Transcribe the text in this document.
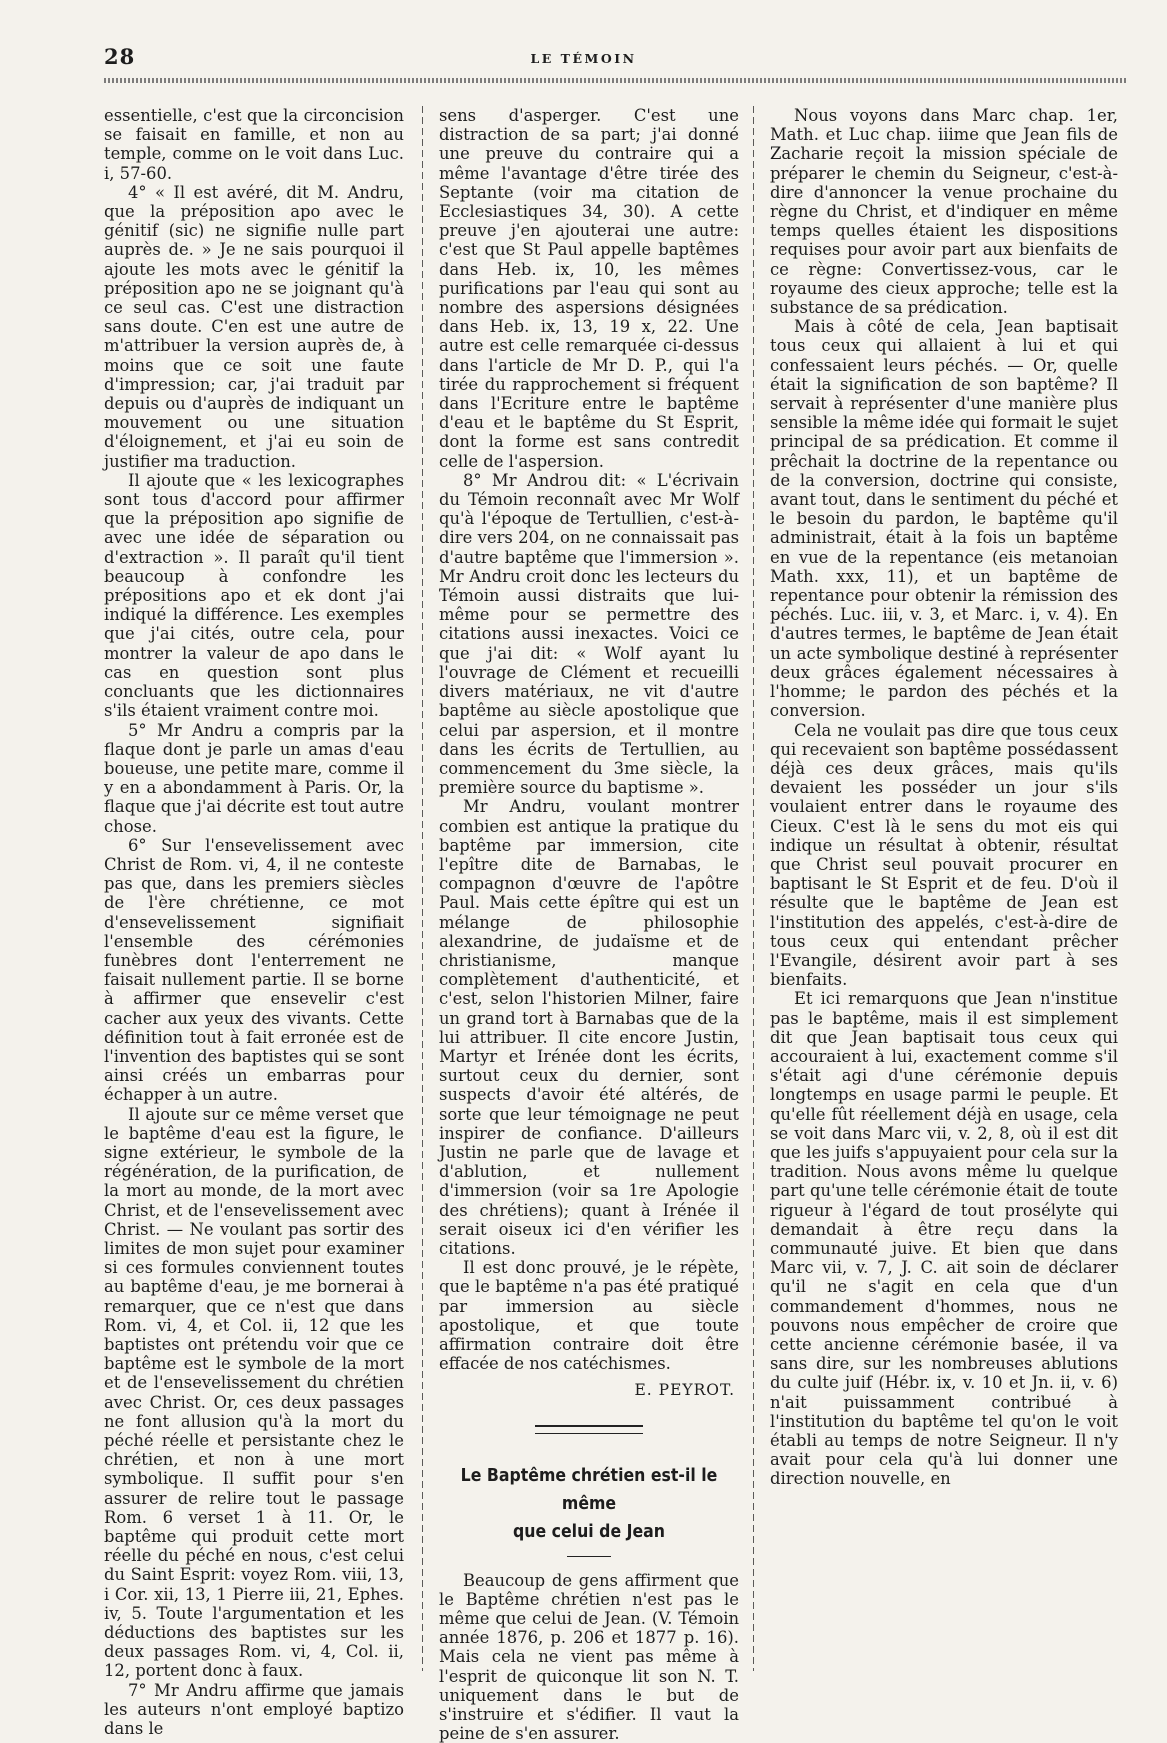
28	LE TÉMOIN

essentielle, c'est que la circoncision se faisait en famille, et non au temple, comme on le voit dans Luc. i, 57-60.

4° « Il est avéré, dit M. Andru, que la préposition apo avec le génitif (sic) ne signifie nulle part auprès de. » Je ne sais pourquoi il ajoute les mots avec le génitif la préposition apo ne se joignant qu'à ce seul cas. C'est une distraction sans doute. C'en est une autre de m'attribuer la version auprès de, à moins que ce soit une faute d'impression; car, j'ai traduit par depuis ou d'auprès de indiquant un mouvement ou une situation d'éloignement, et j'ai eu soin de justifier ma traduction.

Il ajoute que « les lexicographes sont tous d'accord pour affirmer que la préposition apo signifie de avec une idée de séparation ou d'extraction ». Il paraît qu'il tient beaucoup à confondre les prépositions apo et ek dont j'ai indiqué la différence. Les exemples que j'ai cités, outre cela, pour montrer la valeur de apo dans le cas en question sont plus concluants que les dictionnaires s'ils étaient vraiment contre moi.

5° Mr Andru a compris par la flaque dont je parle un amas d'eau boueuse, une petite mare, comme il y en a abondamment à Paris. Or, la flaque que j'ai décrite est tout autre chose.

6° Sur l'ensevelissement avec Christ de Rom. vi, 4, il ne conteste pas que, dans les premiers siècles de l'ère chrétienne, ce mot d'ensevelissement signifiait l'ensemble des cérémonies funèbres dont l'enterrement ne faisait nullement partie. Il se borne à affirmer que ensevelir c'est cacher aux yeux des vivants. Cette définition tout à fait erronée est de l'invention des baptistes qui se sont ainsi créés un embarras pour échapper à un autre.

Il ajoute sur ce même verset que le baptême d'eau est la figure, le signe extérieur, le symbole de la régénération, de la purification, de la mort au monde, de la mort avec Christ, et de l'ensevelissement avec Christ. — Ne voulant pas sortir des limites de mon sujet pour examiner si ces formules conviennent toutes au baptême d'eau, je me bornerai à remarquer, que ce n'est que dans Rom. vi, 4, et Col. ii, 12 que les baptistes ont prétendu voir que ce baptême est le symbole de la mort et de l'ensevelissement du chrétien avec Christ. Or, ces deux passages ne font allusion qu'à la mort du péché réelle et persistante chez le chrétien, et non à une mort symbolique. Il suffit pour s'en assurer de relire tout le passage Rom. 6 verset 1 à 11. Or, le baptême qui produit cette mort réelle du péché en nous, c'est celui du Saint Esprit: voyez Rom. viii, 13, i Cor. xii, 13, 1 Pierre iii, 21, Ephes. iv, 5. Toute l'argumentation et les déductions des baptistes sur les deux passages Rom. vi, 4, Col. ii, 12, portent donc à faux.

7° Mr Andru affirme que jamais les auteurs n'ont employé baptizo dans le

sens d'asperger. C'est une distraction de sa part; j'ai donné une preuve du contraire qui a même l'avantage d'être tirée des Septante (voir ma citation de Ecclesiastiques 34, 30). A cette preuve j'en ajouterai une autre: c'est que St Paul appelle baptêmes dans Heb. ix, 10, les mêmes purifications par l'eau qui sont au nombre des aspersions désignées dans Heb. ix, 13, 19 x, 22. Une autre est celle remarquée ci-dessus dans l'article de Mr D. P., qui l'a tirée du rapprochement si fréquent dans l'Ecriture entre le baptême d'eau et le baptême du St Esprit, dont la forme est sans contredit celle de l'aspersion.

8° Mr Androu dit: « L'écrivain du Témoin reconnaît avec Mr Wolf qu'à l'époque de Tertullien, c'est-à-dire vers 204, on ne connaissait pas d'autre baptême que l'immersion ». Mr Andru croit donc les lecteurs du Témoin aussi distraits que lui-même pour se permettre des citations aussi inexactes. Voici ce que j'ai dit: « Wolf ayant lu l'ouvrage de Clément et recueilli divers matériaux, ne vit d'autre baptême au siècle apostolique que celui par aspersion, et il montre dans les écrits de Tertullien, au commencement du 3me siècle, la première source du baptisme ».

Mr Andru, voulant montrer combien est antique la pratique du baptême par immersion, cite l'epître dite de Barnabas, le compagnon d'œuvre de l'apôtre Paul. Mais cette épître qui est un mélange de philosophie alexandrine, de judaïsme et de christianisme, manque complètement d'authenticité, et c'est, selon l'historien Milner, faire un grand tort à Barnabas que de la lui attribuer. Il cite encore Justin, Martyr et Irénée dont les écrits, surtout ceux du dernier, sont suspects d'avoir été altérés, de sorte que leur témoignage ne peut inspirer de confiance. D'ailleurs Justin ne parle que de lavage et d'ablution, et nullement d'immersion (voir sa 1re Apologie des chrétiens); quant à Irénée il serait oiseux ici d'en vérifier les citations.

Il est donc prouvé, je le répète, que le baptême n'a pas été pratiqué par immersion au siècle apostolique, et que toute affirmation contraire doit être effacée de nos catéchismes.

E. PEYROT.
Le Baptême chrétien est-il le même
que celui de Jean

Beaucoup de gens affirment que le Baptême chrétien n'est pas le même que celui de Jean. (V. Témoin année 1876, p. 206 et 1877 p. 16). Mais cela ne vient pas même à l'esprit de quiconque lit son N. T. uniquement dans le but de s'instruire et s'édifier. Il vaut la peine de s'en assurer.

Nous voyons dans Marc chap. 1er, Math. et Luc chap. iiime que Jean fils de Zacharie reçoit la mission spéciale de préparer le chemin du Seigneur, c'est-à-dire d'annoncer la venue prochaine du règne du Christ, et d'indiquer en même temps quelles étaient les dispositions requises pour avoir part aux bienfaits de ce règne: Convertissez-vous, car le royaume des cieux approche; telle est la substance de sa prédication.

Mais à côté de cela, Jean baptisait tous ceux qui allaient à lui et qui confessaient leurs péchés. — Or, quelle était la signification de son baptême? Il servait à représenter d'une manière plus sensible la même idée qui formait le sujet principal de sa prédication. Et comme il prêchait la doctrine de la repentance ou de la conversion, doctrine qui consiste, avant tout, dans le sentiment du péché et le besoin du pardon, le baptême qu'il administrait, était à la fois un baptême en vue de la repentance (eis metanoian Math. xxx, 11), et un baptême de repentance pour obtenir la rémission des péchés. Luc. iii, v. 3, et Marc. i, v. 4). En d'autres termes, le baptême de Jean était un acte symbolique destiné à représenter deux grâces également nécessaires à l'homme; le pardon des péchés et la conversion.

Cela ne voulait pas dire que tous ceux qui recevaient son baptême possédassent déjà ces deux grâces, mais qu'ils devaient les posséder un jour s'ils voulaient entrer dans le royaume des Cieux. C'est là le sens du mot eis qui indique un résultat à obtenir, résultat que Christ seul pouvait procurer en baptisant le St Esprit et de feu. D'où il résulte que le baptême de Jean est l'institution des appelés, c'est-à-dire de tous ceux qui entendant prêcher l'Evangile, désirent avoir part à ses bienfaits.

Et ici remarquons que Jean n'institue pas le baptême, mais il est simplement dit que Jean baptisait tous ceux qui accouraient à lui, exactement comme s'il s'était agi d'une cérémonie depuis longtemps en usage parmi le peuple. Et qu'elle fût réellement déjà en usage, cela se voit dans Marc vii, v. 2, 8, où il est dit que les juifs s'appuyaient pour cela sur la tradition. Nous avons même lu quelque part qu'une telle cérémonie était de toute rigueur à l'égard de tout prosélyte qui demandait à être reçu dans la communauté juive. Et bien que dans Marc vii, v. 7, J. C. ait soin de déclarer qu'il ne s'agit en cela que d'un commandement d'hommes, nous ne pouvons nous empêcher de croire que cette ancienne cérémonie basée, il va sans dire, sur les nombreuses ablutions du culte juif (Hébr. ix, v. 10 et Jn. ii, v. 6) n'ait puissamment contribué à l'institution du baptême tel qu'on le voit établi au temps de notre Seigneur. Il n'y avait pour cela qu'à lui donner une direction nouvelle, en
